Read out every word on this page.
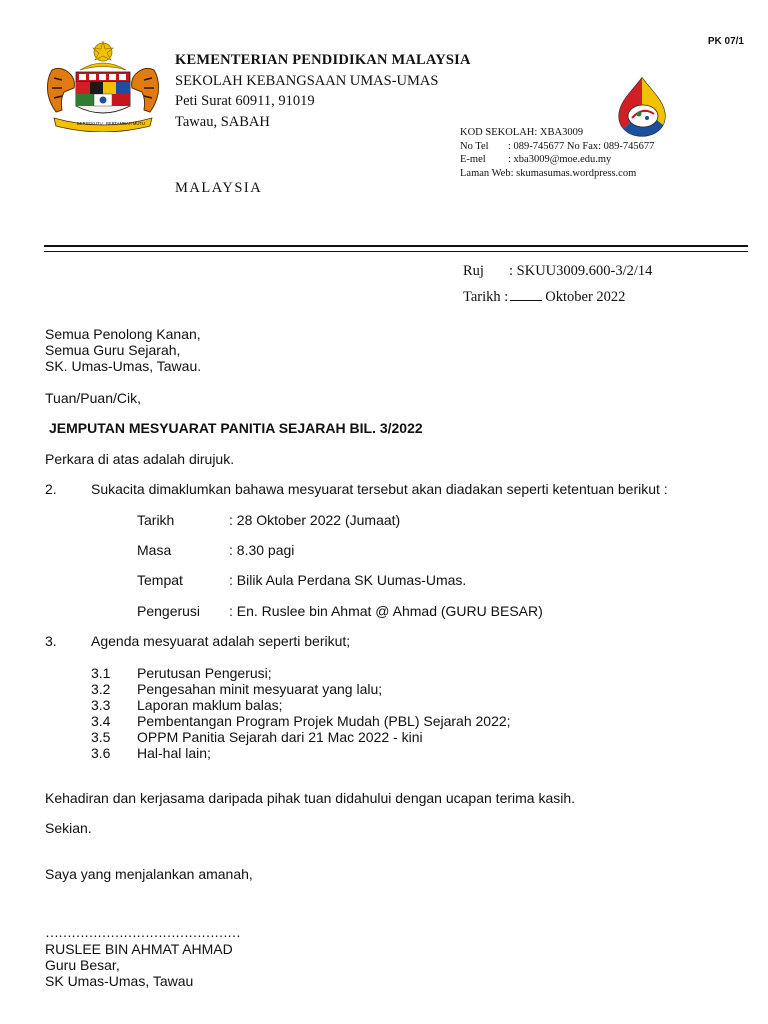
PK 07/1
BERSEKUTU BERTAMBAH MUTU
KEMENTERIAN PENDIDIKAN MALAYSIA
SEKOLAH KEBANGSAAN UMAS-UMAS
Peti Surat 60911, 91019
Tawau, SABAH
MALAYSIA
KOD SEKOLAH: XBA3009
No Tel : 089-745677 No Fax: 089-745677
E-mel : xba3009@moe.edu.my
Laman Web: skumasumas.wordpress.com
Ruj : SKUU3009.600-3/2/14
Tarikh :	Oktober 2022
Semua Penolong Kanan,
Semua Guru Sejarah,
SK. Umas-Umas, Tawau.
Tuan/Puan/Cik,
JEMPUTAN MESYUARAT PANITIA SEJARAH BIL. 3/2022
Perkara di atas adalah dirujuk.
2. Sukacita dimaklumkan bahawa mesyuarat tersebut akan diadakan seperti ketentuan berikut :
Tarikh	: 28 Oktober 2022 (Jumaat)
Masa	: 8.30 pagi
Tempat	: Bilik Aula Perdana SK Uumas-Umas.
Pengerusi : En. Ruslee bin Ahmat @ Ahmad (GURU BESAR)
3. Agenda mesyuarat adalah seperti berikut;
3.1 Perutusan Pengerusi;
3.2 Pengesahan minit mesyuarat yang lalu;
3.3 Laporan maklum balas;
3.4 Pembentangan Program Projek Mudah (PBL) Sejarah 2022;
3.5 OPPM Panitia Sejarah dari 21 Mac 2022 - kini
3.6 Hal-hal lain;
Kehadiran dan kerjasama daripada pihak tuan didahului dengan ucapan terima kasih.
Sekian.
Saya yang menjalankan amanah,
………………………………………
RUSLEE BIN AHMAT AHMAD
Guru Besar,
SK Umas-Umas, Tawau
